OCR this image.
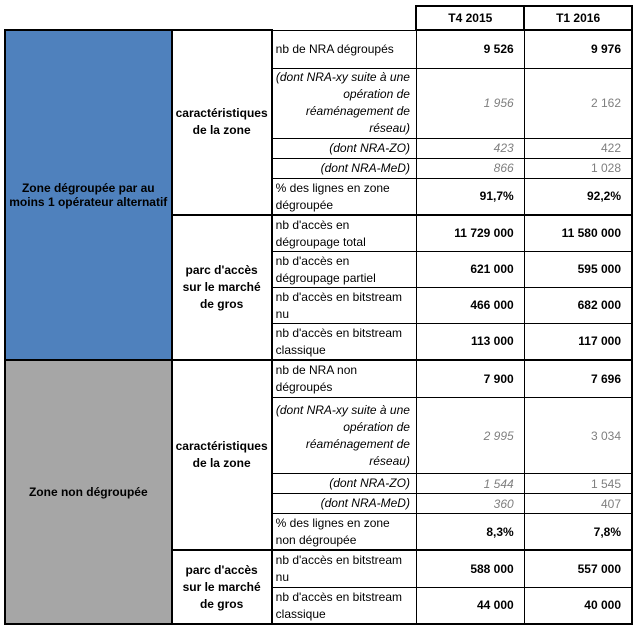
			T4 2015	T1 2016
Zone dégroupée par au moins 1 opérateur alternatif	caractéristiques de la zone	nb de NRA dégroupés	9 526	9 976
		(dont NRA-xy suite à une opération de réaménagement de réseau)	1 956	2 162
		(dont NRA-ZO)	423	422
		(dont NRA-MeD)	866	1 028
		% des lignes en zone dégroupée	91,7%	92,2%
	parc d'accès sur le marché de gros	nb d'accès en dégroupage total	11 729 000	11 580 000
		nb d'accès en dégroupage partiel	621 000	595 000
		nb d'accès en bitstream nu	466 000	682 000
		nb d'accès en bitstream classique	113 000	117 000
Zone non dégroupée	caractéristiques de la zone	nb de NRA non dégroupés	7 900	7 696
		(dont NRA-xy suite à une opération de réaménagement de réseau)	2 995	3 034
		(dont NRA-ZO)	1 544	1 545
		(dont NRA-MeD)	360	407
		% des lignes en zone non dégroupée	8,3%	7,8%
	parc d'accès sur le marché de gros	nb d'accès en bitstream nu	588 000	557 000
		nb d'accès en bitstream classique	44 000	40 000
